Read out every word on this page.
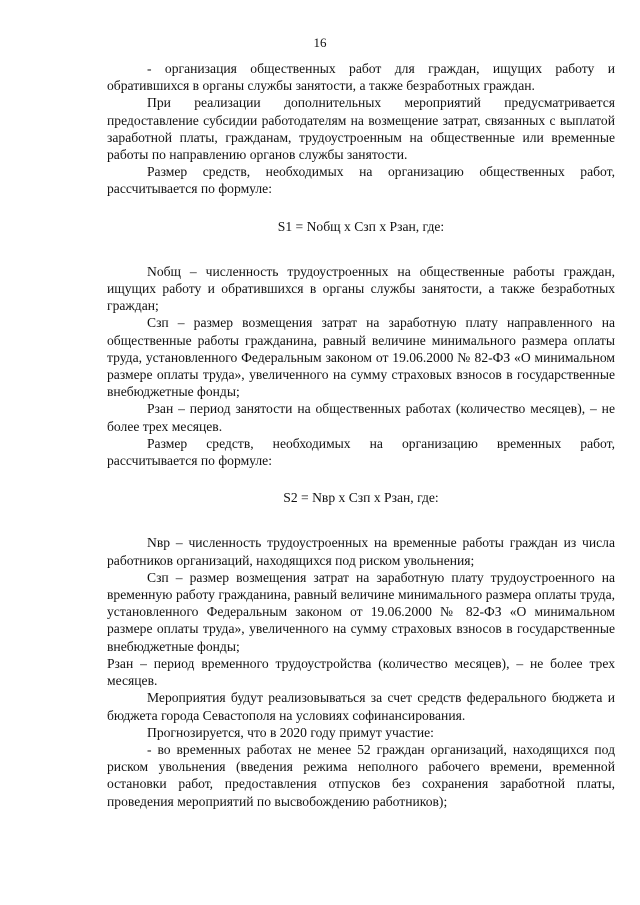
16

- организация общественных работ для граждан, ищущих работу и обратившихся в органы службы занятости, а также безработных граждан.

При реализации дополнительных мероприятий предусматривается предоставление субсидии работодателям на возмещение затрат, связанных с выплатой заработной платы, гражданам, трудоустроенным на общественные или временные работы по направлению органов службы занятости.

Размер средств, необходимых на организацию общественных работ, рассчитывается по формуле:

S1 = Nобщ х Сзп х Рзан, где:

Nобщ – численность трудоустроенных на общественные работы граждан, ищущих работу и обратившихся в органы службы занятости, а также безработных граждан;

Сзп – размер возмещения затрат на заработную плату направленного на общественные работы гражданина, равный величине минимального размера оплаты труда, установленного Федеральным законом от 19.06.2000 № 82-ФЗ «О минимальном размере оплаты труда», увеличенного на сумму страховых взносов в государственные внебюджетные фонды;

Рзан – период занятости на общественных работах (количество месяцев), – не более трех месяцев.

Размер средств, необходимых на организацию временных работ, рассчитывается по формуле:

S2 = Nвр х Сзп х Рзан, где:

Nвр – численность трудоустроенных на временные работы граждан из числа работников организаций, находящихся под риском увольнения;

Сзп – размер возмещения затрат на заработную плату трудоустроенного на временную работу гражданина, равный величине минимального размера оплаты труда, установленного Федеральным законом от 19.06.2000 № 82-ФЗ «О минимальном размере оплаты труда», увеличенного на сумму страховых взносов в государственные внебюджетные фонды;

Рзан – период временного трудоустройства (количество месяцев), – не более трех месяцев.

Мероприятия будут реализовываться за счет средств федерального бюджета и бюджета города Севастополя на условиях софинансирования.

Прогнозируется, что в 2020 году примут участие:

- во временных работах не менее 52 граждан организаций, находящихся под риском увольнения (введения режима неполного рабочего времени, временной остановки работ, предоставления отпусков без сохранения заработной платы, проведения мероприятий по высвобождению работников);
